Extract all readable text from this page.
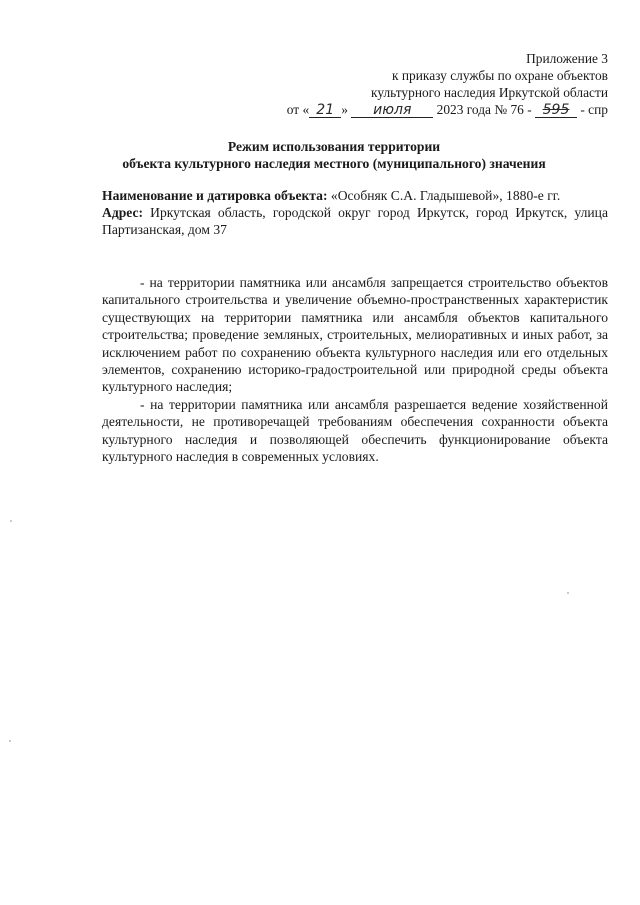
Приложение 3
к приказу службы по охране объектов
культурного наследия Иркутской области
от « 21 » июля 2023 года № 76 - 595 - спр
Режим использования территории
объекта культурного наследия местного (муниципального) значения

Наименование и датировка объекта: «Особняк С.А. Гладышевой», 1880-е гг.

Адрес: Иркутская область, городской округ город Иркутск, город Иркутск, улица Партизанская, дом 37

- на территории памятника или ансамбля запрещается строительство объектов капитального строительства и увеличение объемно-пространственных характеристик существующих на территории памятника или ансамбля объектов капитального строительства; проведение земляных, строительных, мелиоративных и иных работ, за исключением работ по сохранению объекта культурного наследия или его отдельных элементов, сохранению историко-градостроительной или природной среды объекта культурного наследия;

- на территории памятника или ансамбля разрешается ведение хозяйственной деятельности, не противоречащей требованиям обеспечения сохранности объекта культурного наследия и позволяющей обеспечить функционирование объекта культурного наследия в современных условиях.
